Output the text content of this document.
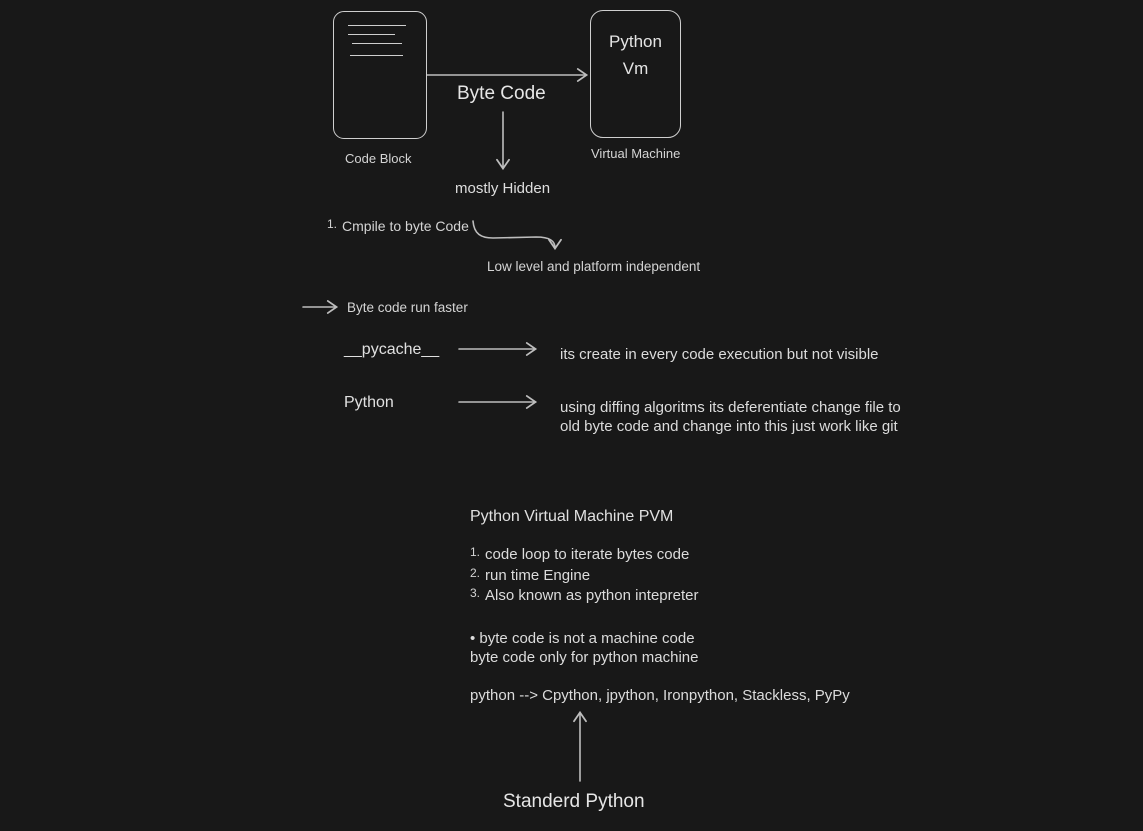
Code Block
Byte Code
Python
Vm
Virtual Machine
mostly Hidden
1. Cmpile to byte Code
Low level and platform independent
Byte code run faster
__pycache__	its create in every code execution but not visible
Python	using diffing algoritms its deferentiate change file to old byte code and change into this just work like git
Python Virtual Machine PVM
$^{1.}$ code loop to iterate bytes code
$^{2.}$ run time Engine
$^{3.}$ Also known as python intepreter
• byte code is not a machine code
byte code only for python machine
python --> Cpython, jpython, Ironpython, Stackless, PyPy
Standerd Python
